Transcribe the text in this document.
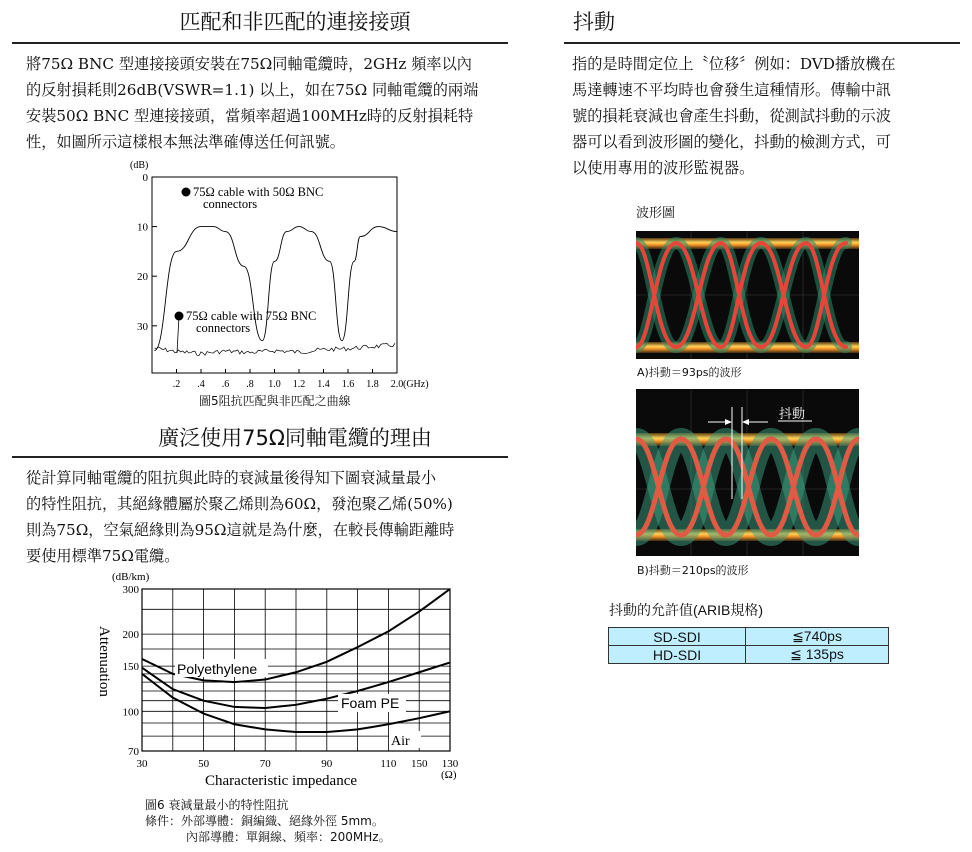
匹配和非匹配的連接接頭

將75Ω BNC 型連接接頭安裝在75Ω同軸電纜時，2GHz 頻率以內

的反射損耗則26dB(VSWR=1.1) 以上，如在75Ω 同軸電纜的兩端

安裝50Ω BNC 型連接接頭，當頻率超過100MHz時的反射損耗特

性，如圖所示這樣根本無法準確傳送任何訊號。

(dB)
0
10
20
30
.2 .4 .6 .8 1.0 1.2 1.4 1.6 1.8 2.0
75Ω cable with 50Ω BNC
connectors
75Ω cable with 75Ω BNC
connectors
(GHz)
圖5阻抗匹配與非匹配之曲線
廣泛使用75Ω同軸電纜的理由

從計算同軸電纜的阻抗與此時的衰減量後得知下圖衰減量最小

的特性阻抗，其絕緣體屬於聚乙烯則為60Ω，發泡聚乙烯(50%)

則為75Ω，空氣絕緣則為95Ω這就是為什麼，在較長傳輸距離時

要使用標準75Ω電纜。

(dB/km)
300
200
150
100
70
30	50	70	90	110 150 130
Attenuation
Characteristic impedance	(Ω)
Polyethylene
Foam PE
Air
圖6 衰減量最小的特性阻抗
條件：外部導體：銅編織、絕緣外徑 5mm。
內部導體：單銅線、頻率：200MHz。
抖動

指的是時間定位上〝位移〞例如：DVD播放機在

馬達轉速不平均時也會發生這種情形。傳輸中訊

號的損耗衰減也會產生抖動，從測試抖動的示波

器可以看到波形圖的變化，抖動的檢測方式，可

以使用專用的波形監視器。

波形圖
A)抖動＝93ps的波形
抖動
B)抖動＝210ps的波形
抖動的允許值(ARIB規格)
SD-SDI	≦740ps
HD-SDI	≦ 135ps
